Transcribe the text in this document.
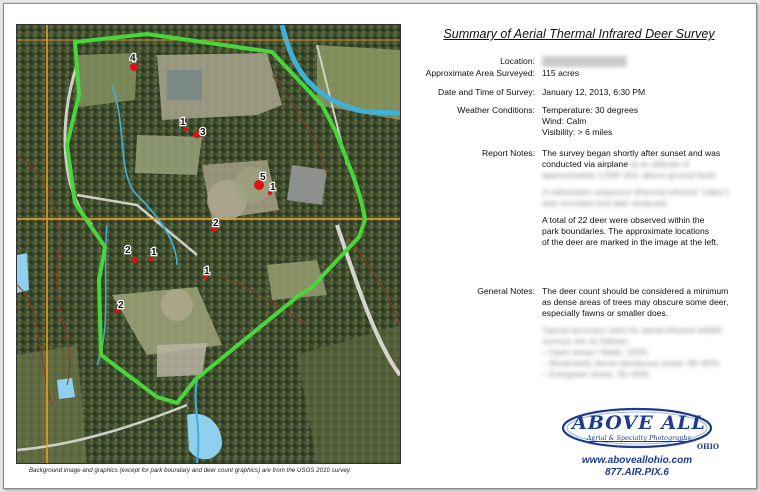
4
1
3
5
1
2
2 1
1
2
Background image and graphics (except for park boundary and deer count graphics) are from the USGS 2010 survey.
Summary of Aerial Thermal Infrared Deer Survey
Location:
Approximate Area Surveyed: 115 acres
Date and Time of Survey: January 12, 2013, 6:30 PM
Weather Conditions: Temperature: 30 degrees
Wind: Calm
Visibility: > 6 miles
Report Notes: The survey began shortly after sunset and was
conducted via airplane at an altitude of
approximately 1,000' AGL above ground level.

A radiometric sequence (thermal infrared "video")
was recorded and later analyzed.

A total of 22 deer were observed within the
park boundaries. The approximate locations
of the deer are marked in the image at the left.
General Notes: The deer count should be considered a minimum
as dense areas of trees may obscure some deer,
especially fawns or smaller does.

Typical accuracy rates for aerial infrared wildlife
surveys are as follows:
– Open areas / fields: 100%
– Moderately dense deciduous areas: 90–95%
– Evergreen areas: 50–60%
ABOVE ALL
Aerial & Specialty Photography
OHIO
www.aboveallohio.com
877.AIR.PIX.6
